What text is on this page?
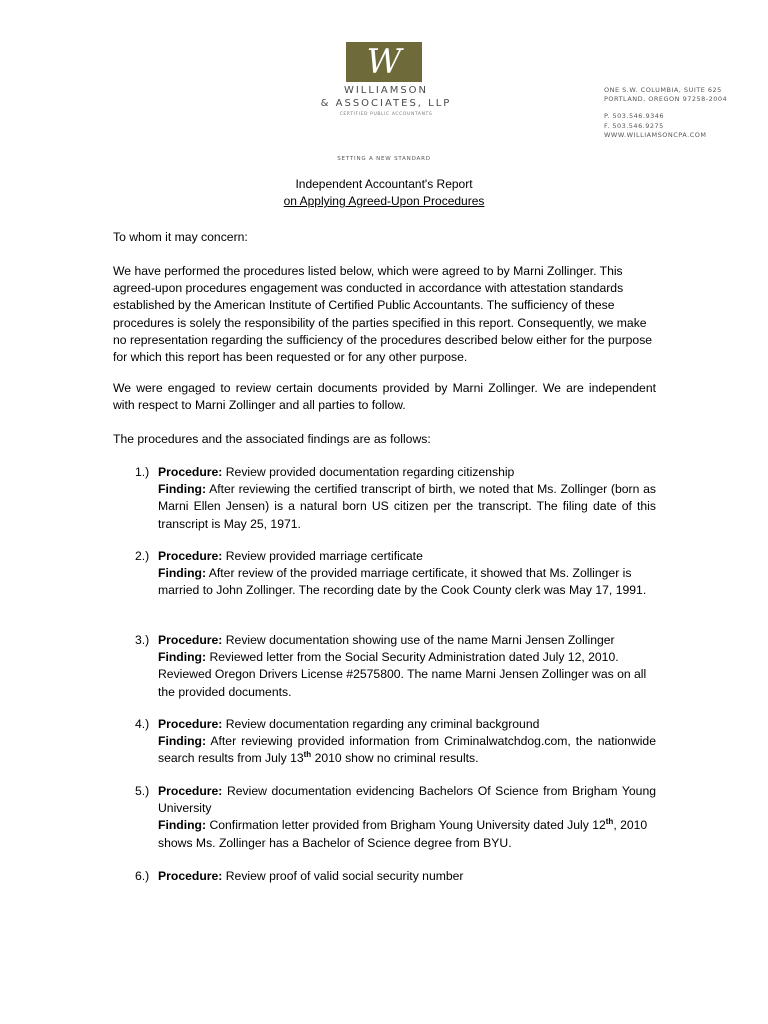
W
WILLIAMSON
& ASSOCIATES, LLP
CERTIFIED PUBLIC ACCOUNTANTS
ONE S.W. COLUMBIA, SUITE 625
PORTLAND, OREGON 97258-2004
P. 503.546.9346
F. 503.546.9275
WWW.WILLIAMSONCPA.COM
SETTING A NEW STANDARD
Independent Accountant's Report
on Applying Agreed-Upon Procedures
To whom it may concern:
We have performed the procedures listed below, which were agreed to by Marni Zollinger. This agreed-upon procedures engagement was conducted in accordance with attestation standards established by the American Institute of Certified Public Accountants. The sufficiency of these procedures is solely the responsibility of the parties specified in this report. Consequently, we make no representation regarding the sufficiency of the procedures described below either for the purpose for which this report has been requested or for any other purpose.
We were engaged to review certain documents provided by Marni Zollinger. We are independent with respect to Marni Zollinger and all parties to follow.
The procedures and the associated findings are as follows:
1.) Procedure: Review provided documentation regarding citizenship
Finding: After reviewing the certified transcript of birth, we noted that Ms. Zollinger (born as Marni Ellen Jensen) is a natural born US citizen per the transcript. The filing date of this transcript is May 25, 1971.
2.) Procedure: Review provided marriage certificate
Finding: After review of the provided marriage certificate, it showed that Ms. Zollinger is married to John Zollinger. The recording date by the Cook County clerk was May 17, 1991.
3.) Procedure: Review documentation showing use of the name Marni Jensen Zollinger
Finding: Reviewed letter from the Social Security Administration dated July 12, 2010. Reviewed Oregon Drivers License #2575800. The name Marni Jensen Zollinger was on all the provided documents.
4.) Procedure: Review documentation regarding any criminal background
Finding: After reviewing provided information from Criminalwatchdog.com, the nationwide search results from July 13th 2010 show no criminal results.
5.) Procedure: Review documentation evidencing Bachelors Of Science from Brigham Young University
Finding: Confirmation letter provided from Brigham Young University dated July 12th, 2010 shows Ms. Zollinger has a Bachelor of Science degree from BYU.
6.) Procedure: Review proof of valid social security number
